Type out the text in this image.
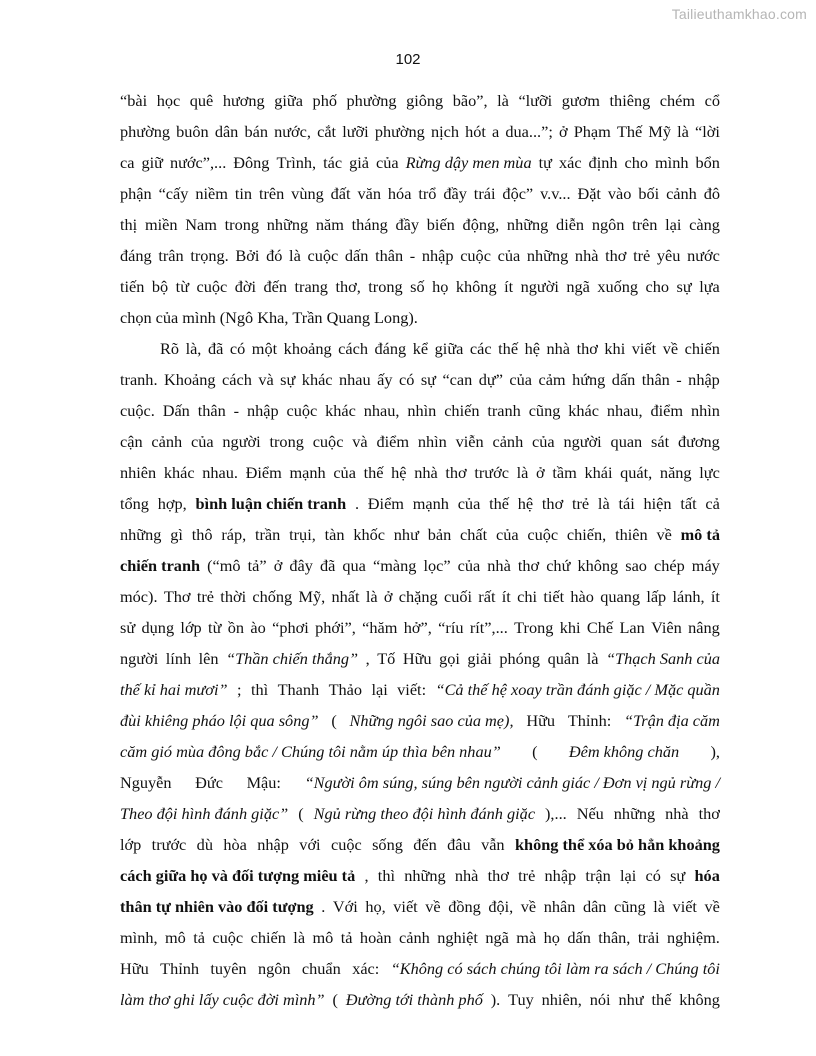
Tailieuthamkhao.com
102
“bài học quê hương giữa phố phường giông bão”, là “lưỡi gươm thiêng chém cổ
phường buôn dân bán nước, cắt lưỡi phường nịch hót a dua...”; ở Phạm Thế Mỹ là “lời
ca giữ nước”,... Đông Trình, tác giả của Rừng dậy men mùa tự xác định cho mình bổn
phận “cấy niềm tin trên vùng đất văn hóa trổ đầy trái độc” v.v... Đặt vào bối cảnh đô
thị miền Nam trong những năm tháng đầy biến động, những diễn ngôn trên lại càng
đáng trân trọng. Bởi đó là cuộc dấn thân - nhập cuộc của những nhà thơ trẻ yêu nước
tiến bộ từ cuộc đời đến trang thơ, trong số họ không ít người ngã xuống cho sự lựa
chọn của mình (Ngô Kha, Trần Quang Long).
Rõ là, đã có một khoảng cách đáng kể giữa các thế hệ nhà thơ khi viết về chiến
tranh. Khoảng cách và sự khác nhau ấy có sự “can dự” của cảm hứng dấn thân - nhập
cuộc. Dấn thân - nhập cuộc khác nhau, nhìn chiến tranh cũng khác nhau, điểm nhìn
cận cảnh của người trong cuộc và điểm nhìn viễn cảnh của người quan sát đương
nhiên khác nhau. Điểm mạnh của thế hệ nhà thơ trước là ở tầm khái quát, năng lực
tổng hợp, bình luận chiến tranh . Điểm mạnh của thế hệ thơ trẻ là tái hiện tất cả
những gì thô ráp, trần trụi, tàn khốc như bản chất của cuộc chiến, thiên về mô tả
chiến tranh (“mô tả” ở đây đã qua “màng lọc” của nhà thơ chứ không sao chép máy
móc). Thơ trẻ thời chống Mỹ, nhất là ở chặng cuối rất ít chi tiết hào quang lấp lánh, ít
sử dụng lớp từ ồn ào “phơi phới”, “hăm hở”, “ríu rít”,... Trong khi Chế Lan Viên nâng
người lính lên “Thần chiến thắng” , Tố Hữu gọi giải phóng quân là “Thạch Sanh của
thế kỉ hai mươi” ; thì Thanh Thảo lại viết: “Cả thế hệ xoay trần đánh giặc / Mặc quần
đùi khiêng pháo lội qua sông” ( Những ngôi sao của mẹ), Hữu Thỉnh: “Trận địa căm
căm gió mùa đông bắc / Chúng tôi nằm úp thìa bên nhau” ( Đêm không chăn ),
Nguyễn Đức Mậu: “Người ôm súng, súng bên người cảnh giác / Đơn vị ngủ rừng /
Theo đội hình đánh giặc” ( Ngủ rừng theo đội hình đánh giặc ),... Nếu những nhà thơ
lớp trước dù hòa nhập với cuộc sống đến đâu vẫn không thể xóa bỏ hẳn khoảng
cách giữa họ và đối tượng miêu tả , thì những nhà thơ trẻ nhập trận lại có sự hóa
thân tự nhiên vào đối tượng . Với họ, viết về đồng đội, về nhân dân cũng là viết về
mình, mô tả cuộc chiến là mô tả hoàn cảnh nghiệt ngã mà họ dấn thân, trải nghiệm.
Hữu Thỉnh tuyên ngôn chuẩn xác: “Không có sách chúng tôi làm ra sách / Chúng tôi
làm thơ ghi lấy cuộc đời mình” ( Đường tới thành phố ). Tuy nhiên, nói như thế không
